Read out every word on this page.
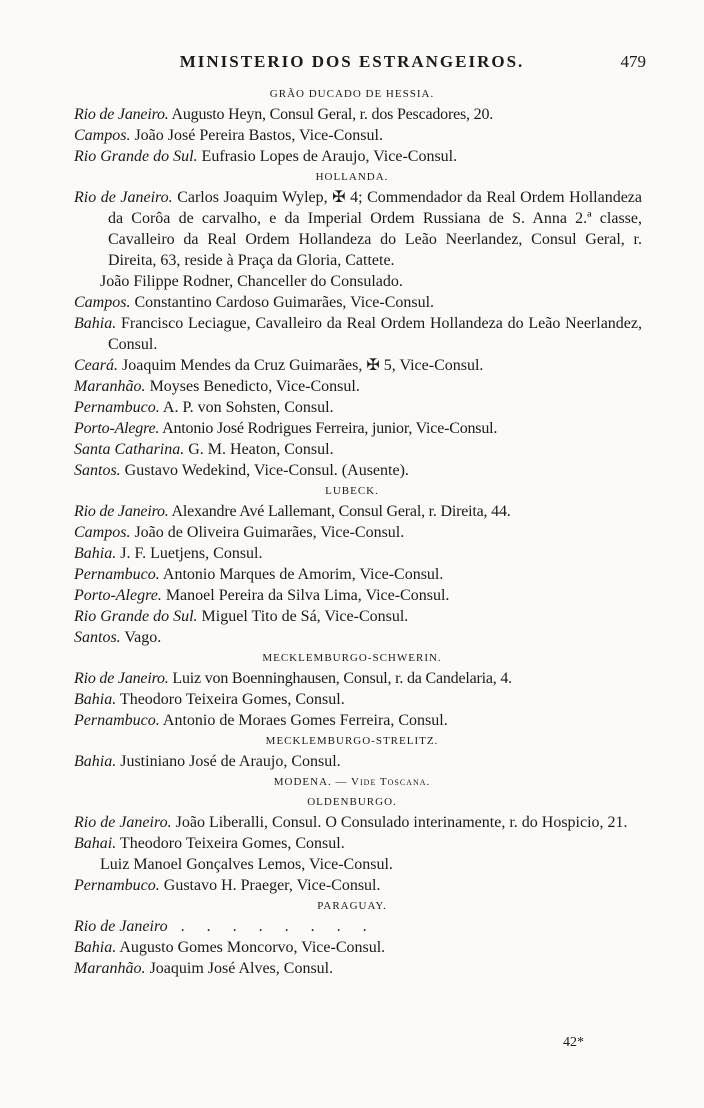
MINISTERIO DOS ESTRANGEIROS.	479

GRÃO DUCADO DE HESSIA.

Rio de Janeiro. Augusto Heyn, Consul Geral, r. dos Pescadores, 20.

Campos. João José Pereira Bastos, Vice-Consul.

Rio Grande do Sul. Eufrasio Lopes de Araujo, Vice-Consul.

HOLLANDA.

Rio de Janeiro. Carlos Joaquim Wylep, ✠ 4; Commendador da Real Ordem Hollandeza da Corôa de carvalho, e da Imperial Ordem Russiana de S. Anna 2.ª classe, Cavalleiro da Real Ordem Hollandeza do Leão Neerlandez, Consul Geral, r. Direita, 63, reside à Praça da Gloria, Cattete.

João Filippe Rodner, Chanceller do Consulado.

Campos. Constantino Cardoso Guimarães, Vice-Consul.

Bahia. Francisco Leciague, Cavalleiro da Real Ordem Hollandeza do Leão Neerlandez, Consul.

Ceará. Joaquim Mendes da Cruz Guimarães, ✠ 5, Vice-Consul.

Maranhão. Moyses Benedicto, Vice-Consul.

Pernambuco. A. P. von Sohsten, Consul.

Porto-Alegre. Antonio José Rodrigues Ferreira, junior, Vice-Consul.

Santa Catharina. G. M. Heaton, Consul.

Santos. Gustavo Wedekind, Vice-Consul. (Ausente).

LUBECK.

Rio de Janeiro. Alexandre Avé Lallemant, Consul Geral, r. Direita, 44.

Campos. João de Oliveira Guimarães, Vice-Consul.

Bahia. J. F. Luetjens, Consul.

Pernambuco. Antonio Marques de Amorim, Vice-Consul.

Porto-Alegre. Manoel Pereira da Silva Lima, Vice-Consul.

Rio Grande do Sul. Miguel Tito de Sá, Vice-Consul.

Santos. Vago.

MECKLEMBURGO-SCHWERIN.

Rio de Janeiro. Luiz von Boenninghausen, Consul, r. da Candelaria, 4.

Bahia. Theodoro Teixeira Gomes, Consul.

Pernambuco. Antonio de Moraes Gomes Ferreira, Consul.

MECKLEMBURGO-STRELITZ.

Bahia. Justiniano José de Araujo, Consul.

MODENA. — Vide Toscana.

OLDENBURGO.

Rio de Janeiro. João Liberalli, Consul. O Consulado interinamente, r. do Hospicio, 21.

Bahai. Theodoro Teixeira Gomes, Consul.

Luiz Manoel Gonçalves Lemos, Vice-Consul.

Pernambuco. Gustavo H. Praeger, Vice-Consul.

PARAGUAY.

Rio de Janeiro . . . . . . . .

Bahia. Augusto Gomes Moncorvo, Vice-Consul.

Maranhão. Joaquim José Alves, Consul.

42*
